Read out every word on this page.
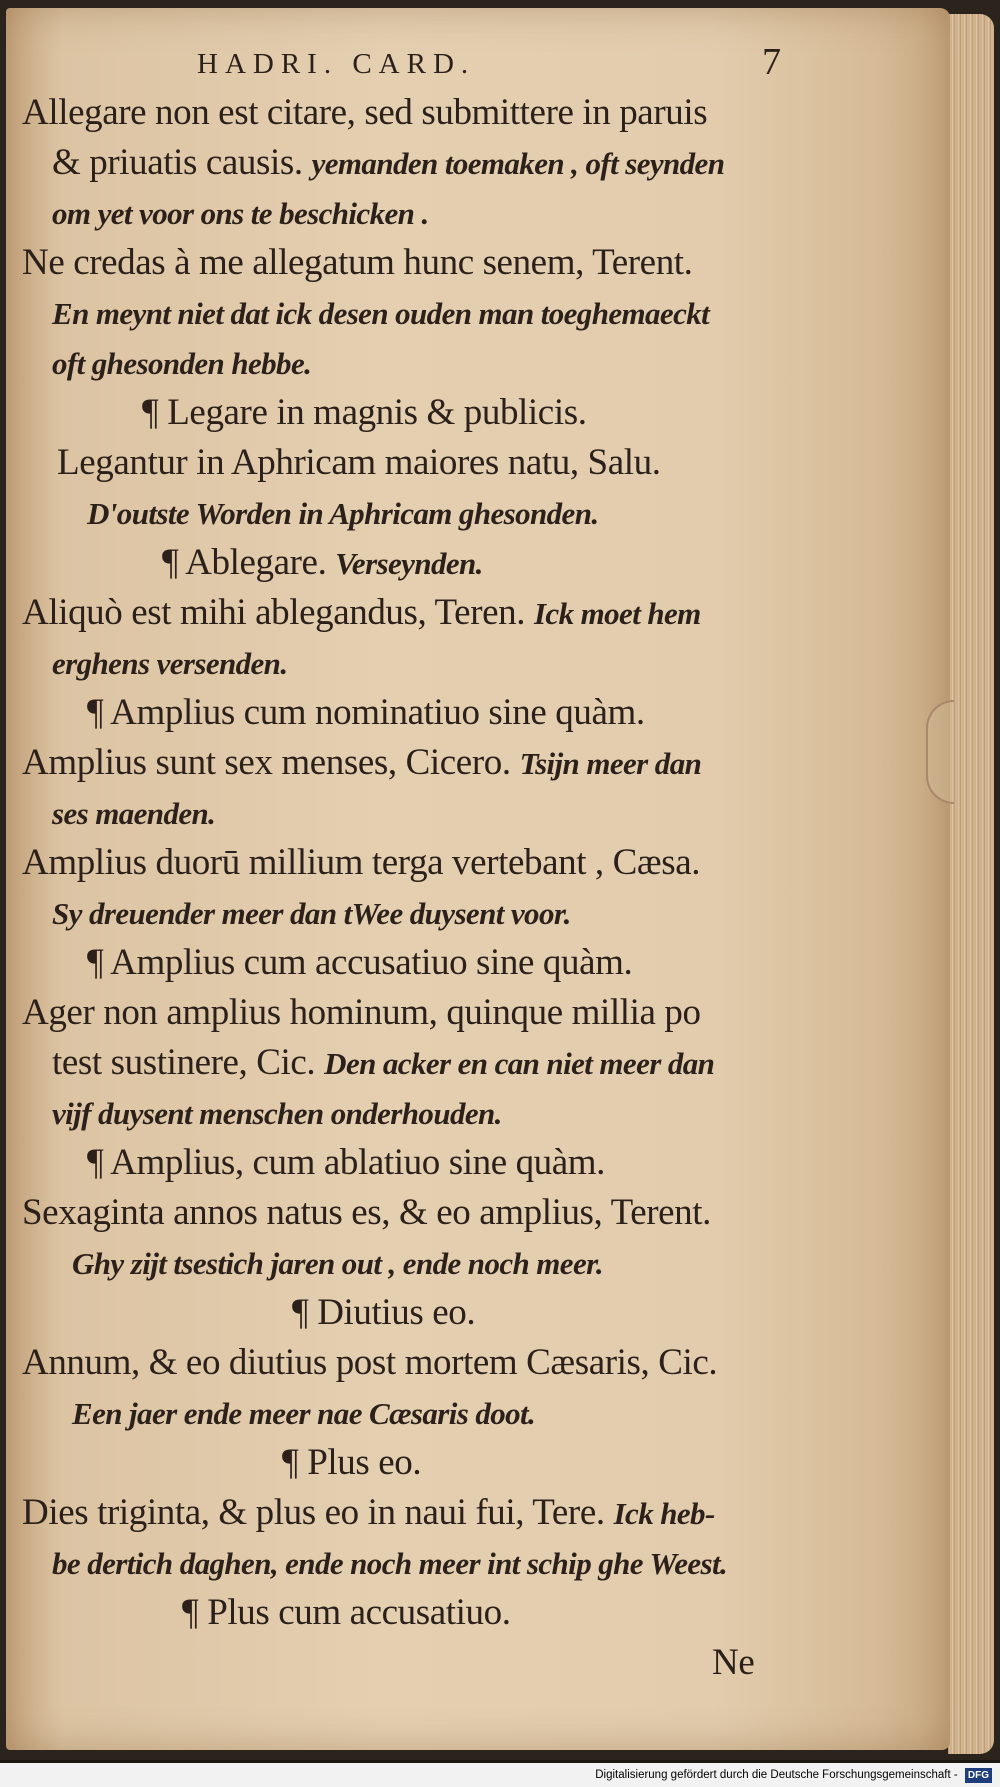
HADRI. CARD.	7
Allegare non est citare, sed submittere in paruis
& priuatis causis. yemanden toemaken , oft seynden
om yet voor ons te beschicken .
Ne credas à me allegatum hunc senem, Terent.
En meynt niet dat ick desen ouden man toeghemaeckt
oft ghesonden hebbe.
¶ Legare in magnis & publicis.
Legantur in Aphricam maiores natu, Salu.
D'outste Worden in Aphricam ghesonden.
¶ Ablegare. Verseynden.
Aliquò est mihi ablegandus, Teren. Ick moet hem
erghens versenden.
¶ Amplius cum nominatiuo sine quàm.
Amplius sunt sex menses, Cicero. Tsijn meer dan
ses maenden.
Amplius duorū millium terga vertebant , Cæsa.
Sy dreuender meer dan tWee duysent voor.
¶ Amplius cum accusatiuo sine quàm.
Ager non amplius hominum, quinque millia po
test sustinere, Cic. Den acker en can niet meer dan
vijf duysent menschen onderhouden.
¶ Amplius, cum ablatiuo sine quàm.
Sexaginta annos natus es, & eo amplius, Terent.
Ghy zijt tsestich jaren out , ende noch meer.
¶ Diutius eo.
Annum, & eo diutius post mortem Cæsaris, Cic.
Een jaer ende meer nae Cæsaris doot.
¶ Plus eo.
Dies triginta, & plus eo in naui fui, Tere. Ick heb-
be dertich daghen, ende noch meer int schip ghe Weest.
¶ Plus cum accusatiuo.
Ne
Digitalisierung gefördert durch die Deutsche Forschungsgemeinschaft - DFG
